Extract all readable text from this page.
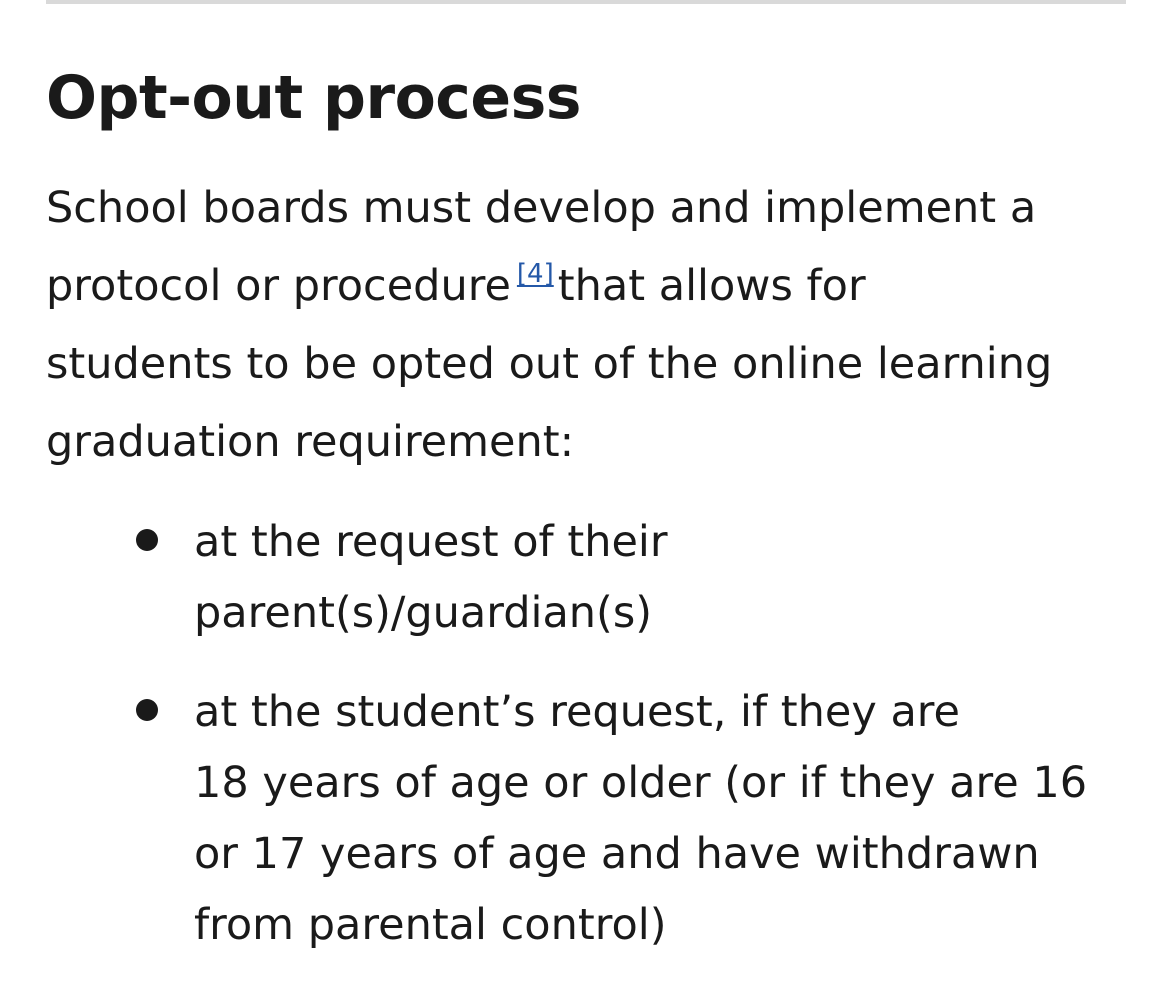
Opt-out process

School boards must develop and implement a
protocol or procedure [4]that allows for
students to be opted out of the online learning
graduation requirement:

at the request of their
parent(s)/guardian(s)
at the student’s request, if they are
18 years of age or older (or if they are 16
or 17 years of age and have withdrawn
from parental control)
